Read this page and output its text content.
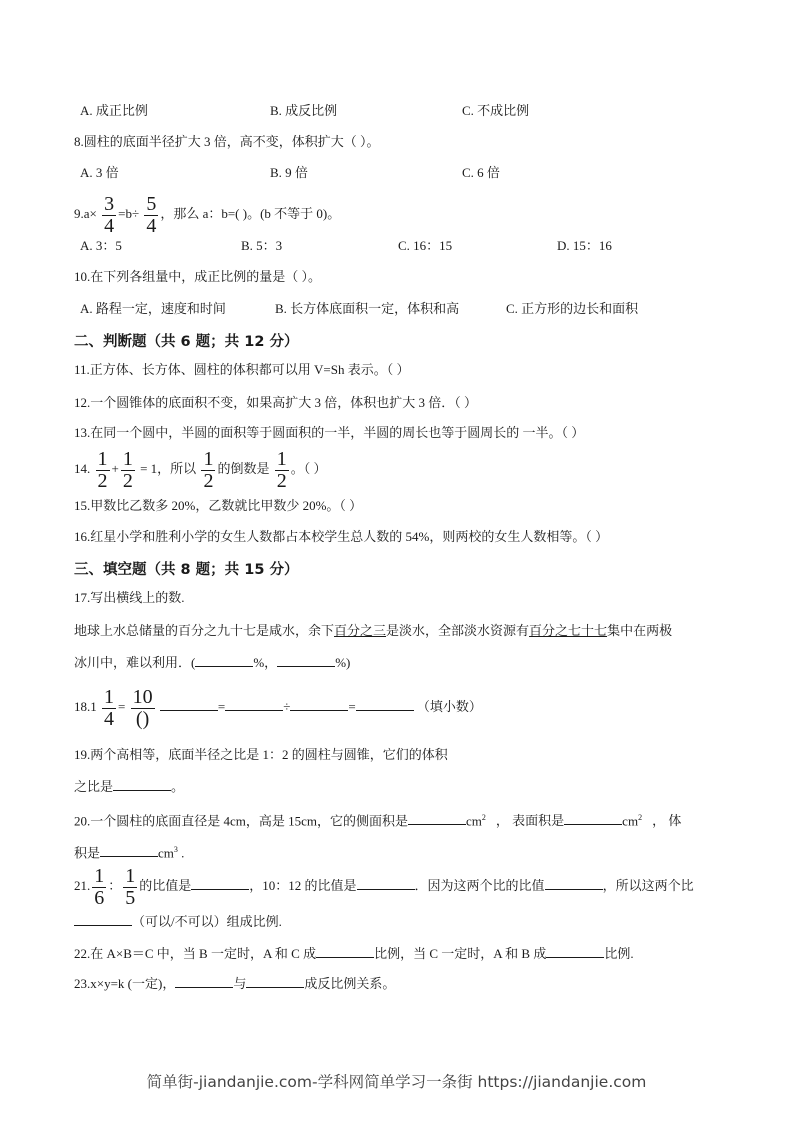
A. 成正比例	B. 成反比例	C. 不成比例
8.圆柱的底面半径扩大 3 倍，高不变，体积扩大（ ）。
A. 3 倍	B. 9 倍	C. 6 倍
$9.a\times \frac{3}{4} =b\div \frac{5}{4}$ ，那么 a：b=( )。(b 不等于 0)。
A. 3：5	B. 5：3	C. 16：15	D. 15：16
10.在下列各组量中，成正比例的量是（ ）。
A. 路程一定，速度和时间	B. 长方体底面积一定，体积和高	C. 正方形的边长和面积
二、判断题（共 6 题；共 12 分）
11.正方体、长方体、圆柱的体积都可以用 V=Sh 表示。（ ）
12.一个圆锥体的底面积不变，如果高扩大 3 倍，体积也扩大 3 倍．（ ）
13.在同一个圆中，半圆的面积等于圆面积的一半，半圆的周长也等于圆周长的 一半。（ ）
14. $\frac{1}{2} + \frac{1}{2} = 1$，所以 $\frac{1}{2}$ 的倒数是 $\frac{1}{2}$ 。（ ）
15.甲数比乙数多 20%，乙数就比甲数少 20%。（ ）
16.红星小学和胜利小学的女生人数都占本校学生总人数的 54%，则两校的女生人数相等。（ ）
三、填空题（共 8 题；共 15 分）
17.写出横线上的数.
地球上水总储量的百分之九十七是咸水，余下百分之三是淡水，全部淡水资源有百分之七十七集中在两极
冰川中，难以利用．(	%，	%)
$18.1 \frac{1}{4} = \frac{10}{()}$	=	÷	=	（填小数）
19.两个高相等，底面半径之比是 1：2 的圆柱与圆锥，它们的体积
之比是	。
20.一个圆柱的底面直径是 4cm，高是 15cm，它的侧面积是	$cm^2$ ， 表面积是	$cm^2$ ， 体
积是	$cm^3$ .
21. $\frac{1}{6}$ ： $\frac{1}{5}$ 的比值是	，10：12 的比值是	．因为这两个比的比值	，所以这两个比
（可以/不可以）组成比例.
22.在 A×B＝C 中，当 B 一定时，A 和 C 成	比例，当 C 一定时，A 和 B 成	比例.
23.x×y=k (一定)，	与	成反比例关系。
简单街-jiandanjie.com-学科网简单学习一条街 https://jiandanjie.com
